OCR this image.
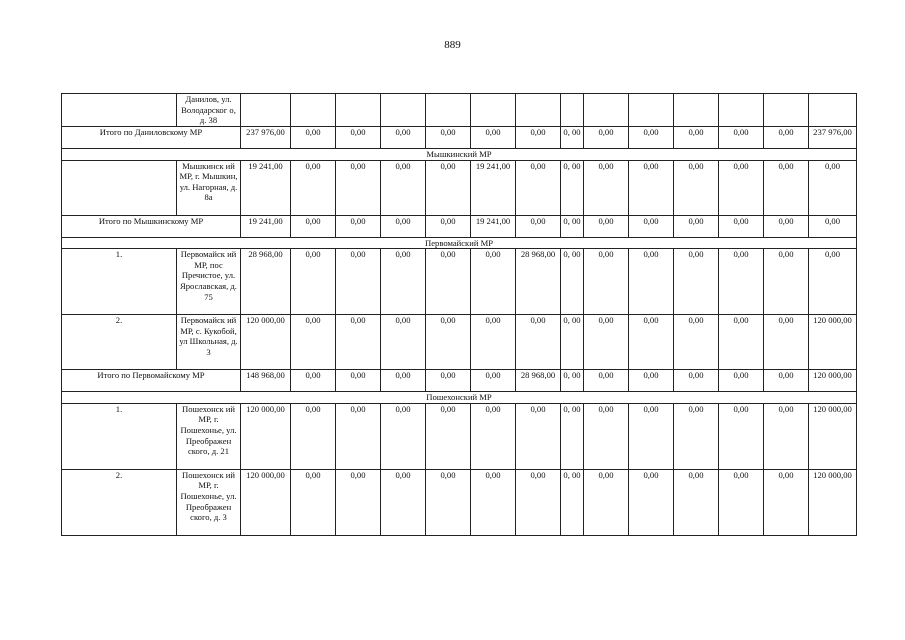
889
	Данилов, ул. Володарског о, д. 38														
Итого по Даниловскому МР		237 976,00	0,00	0,00	0,00	0,00	0,00	0,00	0, 00	0,00	0,00	0,00	0,00	0,00	237 976,00
Мышкинский МР															
	Мышкинск ий МР, г. Мышкин, ул. Нагорная, д. 8а	19 241,00	0,00	0,00	0,00	0,00	19 241,00	0,00	0, 00	0,00	0,00	0,00	0,00	0,00	0,00
Итого по Мышкинскому МР		19 241,00	0,00	0,00	0,00	0,00	19 241,00	0,00	0, 00	0,00	0,00	0,00	0,00	0,00	0,00
Первомайский МР															
1.	Первомайск ий МР, пос Пречистое, ул. Ярославская, д. 75	28 968,00	0,00	0,00	0,00	0,00	0,00	28 968,00	0, 00	0,00	0,00	0,00	0,00	0,00	0,00
2.	Первомайск ий МР, с. Кукобой, ул Школьная, д. 3	120 000,00	0,00	0,00	0,00	0,00	0,00	0,00	0, 00	0,00	0,00	0,00	0,00	0,00	120 000,00
Итого по Первомайскому МР		148 968,00	0,00	0,00	0,00	0,00	0,00	28 968,00	0, 00	0,00	0,00	0,00	0,00	0,00	120 000,00
Пошехонский МР															
1.	Пошехонск ий МР, г. Пошехонье, ул. Преображен ского, д. 21	120 000,00	0,00	0,00	0,00	0,00	0,00	0,00	0, 00	0,00	0,00	0,00	0,00	0,00	120 000,00
2.	Пошехонск ий МР, г. Пошехонье, ул. Преображен ского, д. 3	120 000,00	0,00	0,00	0,00	0,00	0,00	0,00	0, 00	0,00	0,00	0,00	0,00	0,00	120 000,00
